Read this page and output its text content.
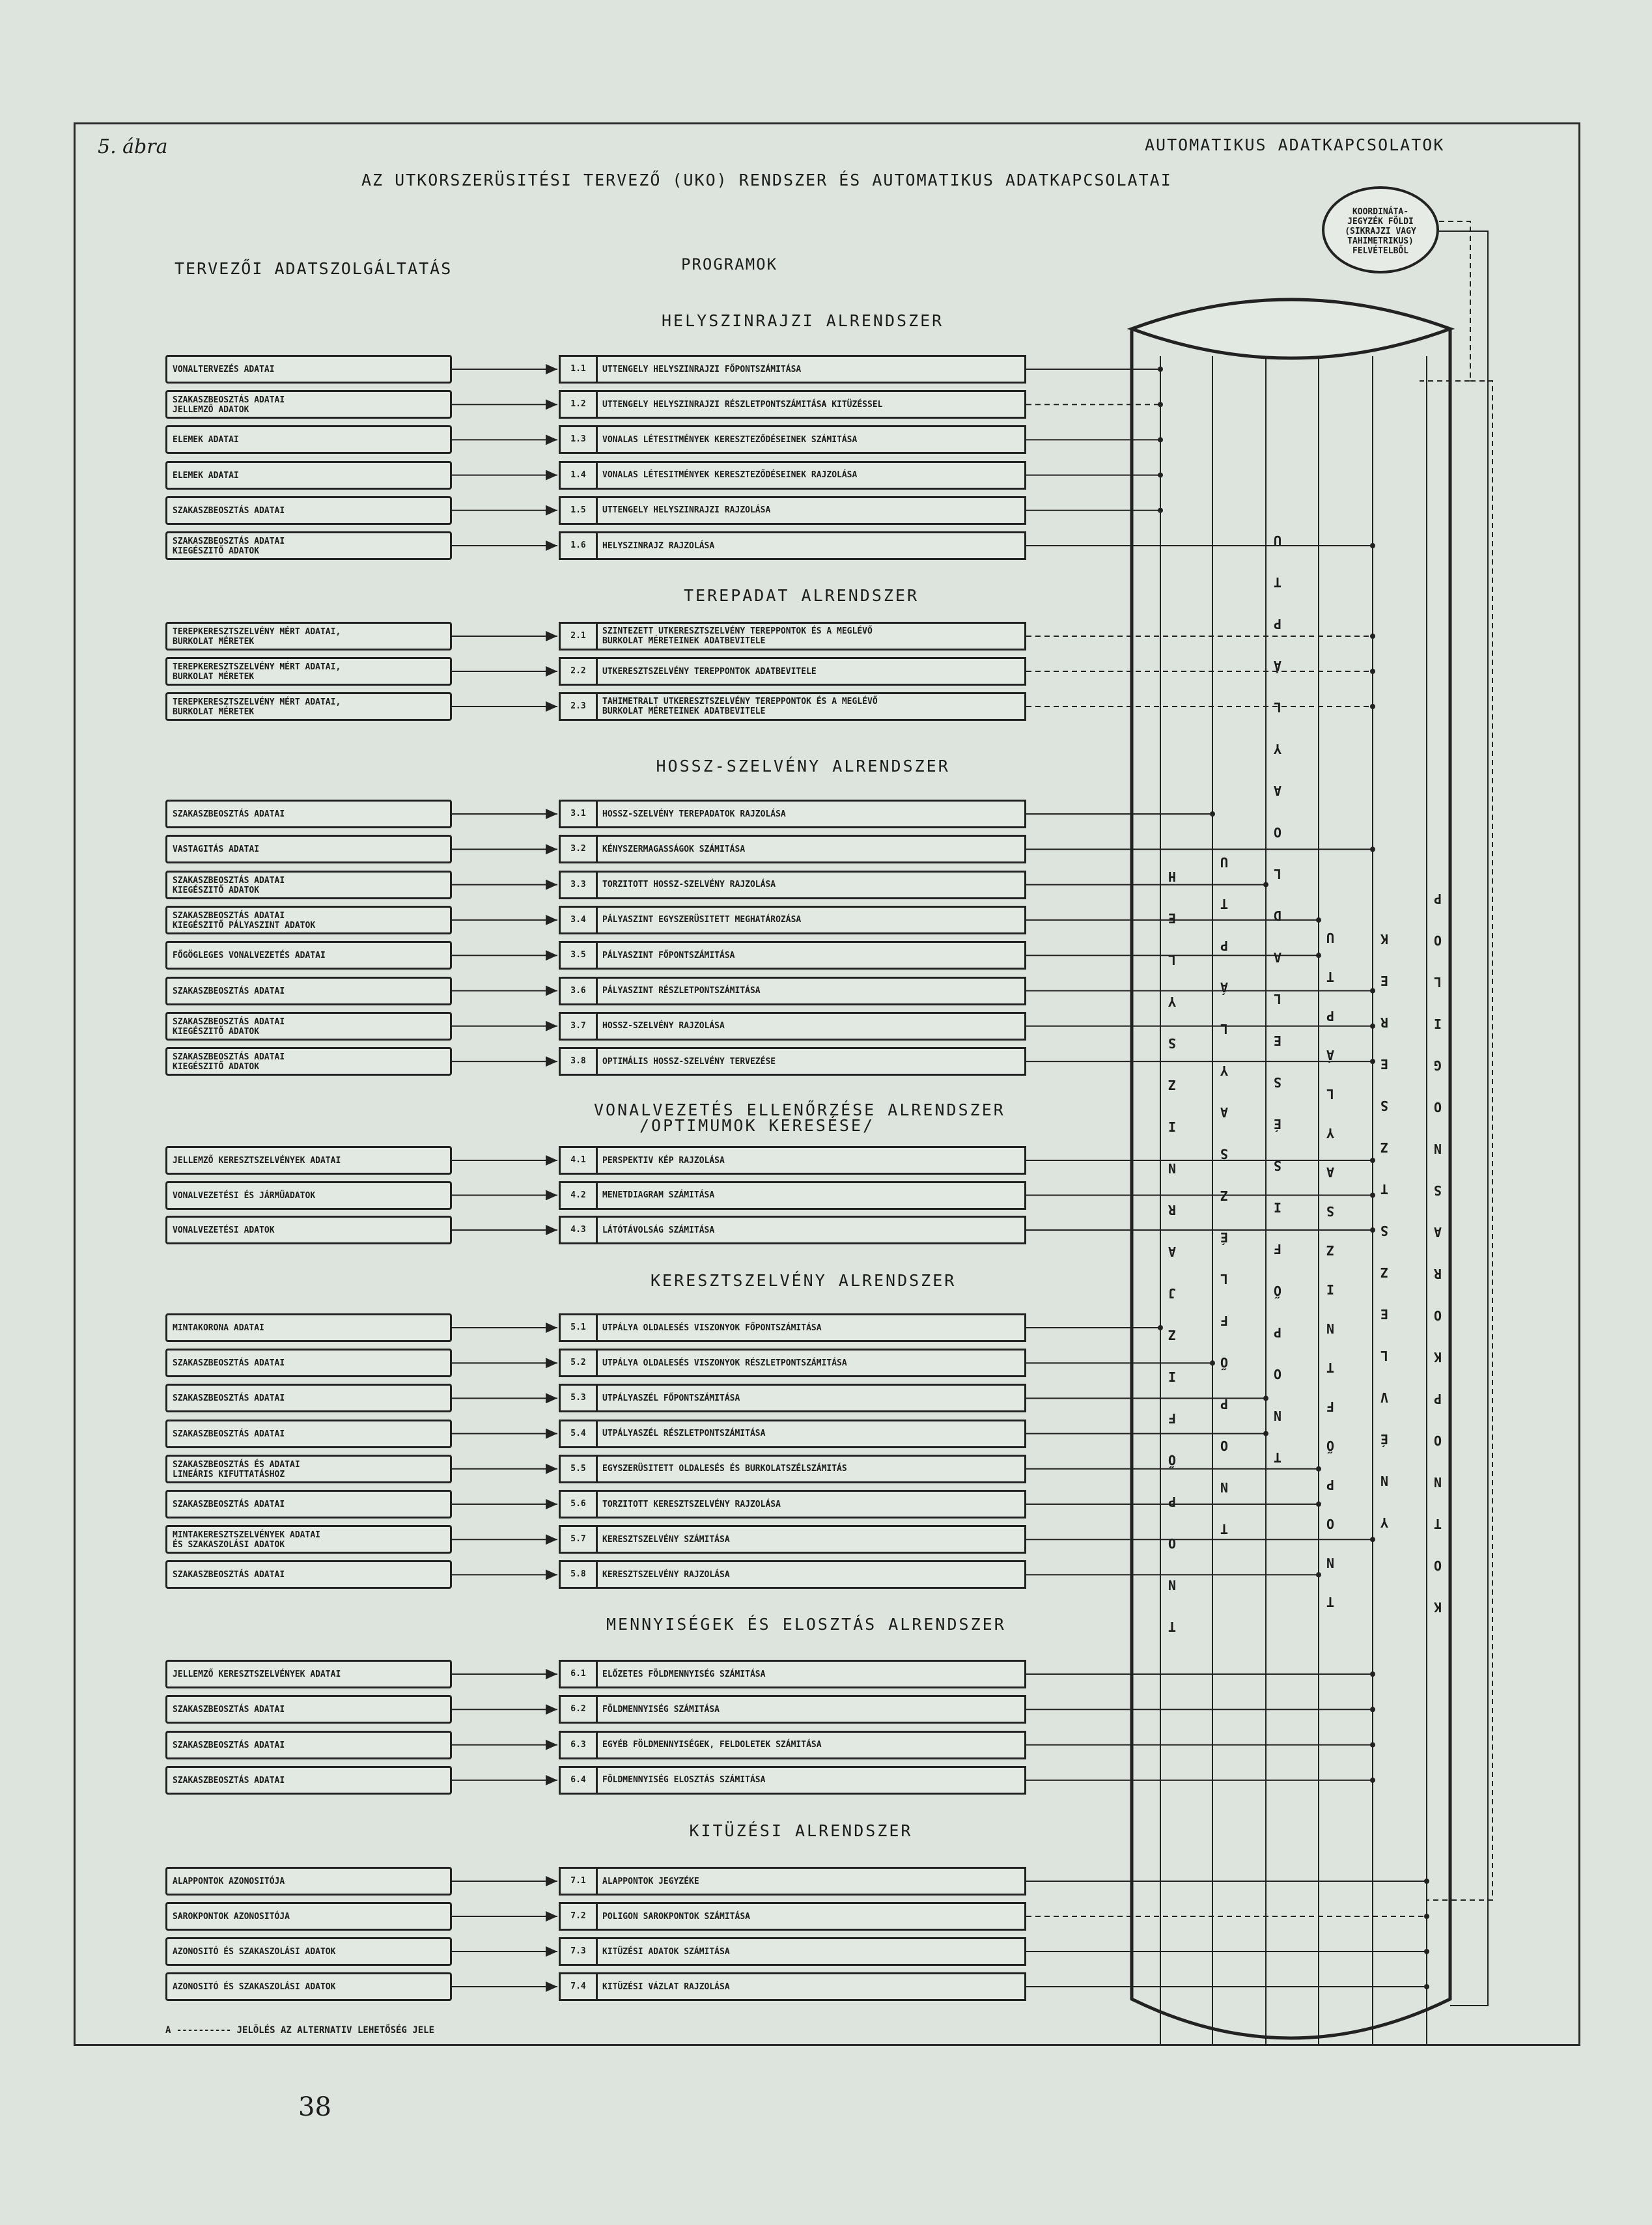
5. ábra
AZ UTKORSZERÜSITÉSI TERVEZŐ (UKO) RENDSZER ÉS AUTOMATIKUS ADATKAPCSOLATAI
AUTOMATIKUS ADATKAPCSOLATOK
TERVEZŐI ADATSZOLGÁLTATÁS	PROGRAMOK
KOORDINÁTA-
JEGYZÉK FÖLDI
(SIKRAJZI VAGY
TAHIMETRIKUS)
FELVÉTELBŐL
HELYSZINRAJZI ALRENDSZER
VONALTERVEZÉS ADATAI	1.1	UTTENGELY HELYSZINRAJZI FŐPONTSZÁMITÁSA
SZAKASZBEOSZTÁS ADATAI
JELLEMZŐ ADATOK
1.2	UTTENGELY HELYSZINRAJZI RÉSZLETPONTSZÁMITÁSA KITÜZÉSSEL
ELEMEK ADATAI	1.3	VONALAS LÉTESITMÉNYEK KERESZTEZŐDÉSEINEK SZÁMITÁSA
ELEMEK ADATAI	1.4	VONALAS LÉTESITMÉNYEK KERESZTEZŐDÉSEINEK RAJZOLÁSA
SZAKASZBEOSZTÁS ADATAI	1.5	UTTENGELY HELYSZINRAJZI RAJZOLÁSA
SZAKASZBEOSZTÁS ADATAI
KIEGÉSZITŐ ADATOK
1.6	HELYSZINRAJZ RAJZOLÁSA
TEREPADAT ALRENDSZER
TEREPKERESZTSZELVÉNY MÉRT ADATAI,
BURKOLAT MÉRETEK
2.1	SZINTEZETT UTKERESZTSZELVÉNY TEREPPONTOK ÉS A MEGLÉVŐ
BURKOLAT MÉRETEINEK ADATBEVITELE
TEREPKERESZTSZELVÉNY MÉRT ADATAI,
BURKOLAT MÉRETEK
2.2	UTKERESZTSZELVÉNY TEREPPONTOK ADATBEVITELE
TEREPKERESZTSZELVÉNY MÉRT ADATAI,
BURKOLAT MÉRETEK
2.3	TAHIMETRALT UTKERESZTSZELVÉNY TEREPPONTOK ÉS A MEGLÉVŐ
BURKOLAT MÉRETEINEK ADATBEVITELE
HOSSZ-SZELVÉNY ALRENDSZER
SZAKASZBEOSZTÁS ADATAI	3.1	HOSSZ-SZELVÉNY TEREPADATOK RAJZOLÁSA
VASTAGITÁS ADATAI	3.2	KÉNYSZERMAGASSÁGOK SZÁMITÁSA
SZAKASZBEOSZTÁS ADATAI
KIEGÉSZITŐ ADATOK
3.3	TORZITOTT HOSSZ-SZELVÉNY RAJZOLÁSA
SZAKASZBEOSZTÁS ADATAI
KIEGÉSZITŐ PÁLYASZINT ADATOK
3.4	PÁLYASZINT EGYSZERÜSITETT MEGHATÁROZÁSA
FŐGÖGLEGES VONALVEZETÉS ADATAI	3.5	PÁLYASZINT FŐPONTSZÁMITÁSA
SZAKASZBEOSZTÁS ADATAI	3.6	PÁLYASZINT RÉSZLETPONTSZÁMITÁSA
SZAKASZBEOSZTÁS ADATAI
KIEGÉSZITŐ ADATOK
3.7	HOSSZ-SZELVÉNY RAJZOLÁSA
SZAKASZBEOSZTÁS ADATAI
KIEGÉSZITŐ ADATOK
3.8	OPTIMÁLIS HOSSZ-SZELVÉNY TERVEZÉSE
VONALVEZETÉS ELLENŐRZÉSE ALRENDSZER
/OPTIMUMOK KERESÉSE/
JELLEMZŐ KERESZTSZELVÉNYEK ADATAI	4.1	PERSPEKTIV KÉP RAJZOLÁSA
VONALVEZETÉSI ÉS JÁRMŰADATOK	4.2	MENETDIAGRAM SZÁMITÁSA
VONALVEZETÉSI ADATOK	4.3	LÁTÓTÁVOLSÁG SZÁMITÁSA
KERESZTSZELVÉNY ALRENDSZER
MINTAKORONA ADATAI	5.1	UTPÁLYA OLDALESÉS VISZONYOK FŐPONTSZÁMITÁSA
SZAKASZBEOSZTÁS ADATAI	5.2	UTPÁLYA OLDALESÉS VISZONYOK RÉSZLETPONTSZÁMITÁSA
SZAKASZBEOSZTÁS ADATAI	5.3	UTPÁLYASZÉL FŐPONTSZÁMITÁSA
SZAKASZBEOSZTÁS ADATAI	5.4	UTPÁLYASZÉL RÉSZLETPONTSZÁMITÁSA
SZAKASZBEOSZTÁS ÉS ADATAI
LINEÁRIS KIFUTTATÁSHOZ
5.5	EGYSZERÜSITETT OLDALESÉS ÉS BURKOLATSZÉLSZÁMITÁS
SZAKASZBEOSZTÁS ADATAI	5.6	TORZITOTT KERESZTSZELVÉNY RAJZOLÁSA
MINTAKERESZTSZELVÉNYEK ADATAI
ÉS SZAKASZOLÁSI ADATOK
5.7	KERESZTSZELVÉNY SZÁMITÁSA
SZAKASZBEOSZTÁS ADATAI	5.8	KERESZTSZELVÉNY RAJZOLÁSA
MENNYISÉGEK ÉS ELOSZTÁS ALRENDSZER
JELLEMZŐ KERESZTSZELVÉNYEK ADATAI	6.1	ELŐZETES FÖLDMENNYISÉG SZÁMITÁSA
SZAKASZBEOSZTÁS ADATAI	6.2	FÖLDMENNYISÉG SZÁMITÁSA
SZAKASZBEOSZTÁS ADATAI	6.3	EGYÉB FÖLDMENNYISÉGEK, FELDOLETEK SZÁMITÁSA
SZAKASZBEOSZTÁS ADATAI	6.4	FÖLDMENNYISÉG ELOSZTÁS SZÁMITÁSA
KITÜZÉSI ALRENDSZER
ALAPPONTOK AZONOSITÓJA	7.1	ALAPPONTOK JEGYZÉKE
SAROKPONTOK AZONOSITÓJA	7.2	POLIGON SAROKPONTOK SZÁMITÁSA
AZONOSITÓ ÉS SZAKASZOLÁSI ADATOK	7.3	KITÜZÉSI ADATOK SZÁMITÁSA
AZONOSITÓ ÉS SZAKASZOLÁSI ADATOK	7.4	KITÜZÉSI VÁZLAT RAJZOLÁSA
T
N
O
P
Ő
F
I
Z
J
A
R
N
I
Z
S
Y
L
E
H
T
N
O
P
Ő
F
L
É
Z
S
A
Y
L
Á
P
T
U
T
N
O
P
Ő
F
I
S
É
S
E
L
A
D
L
O
A
Y
L
Á
P
T
U
T
N
O
P
Ő
F
T
N
I
Z
S
A
Y
L
Á
P
T
U
Y
N
É
V
L
E
Z
S
T
Z
S
E
R
E
K
K
O
T
N
O
P
K
O
R
A
S
N
O
G
I
L
O
P
A ---------- JELÖLÉS AZ ALTERNATIV LEHETŐSÉG JELE
38
